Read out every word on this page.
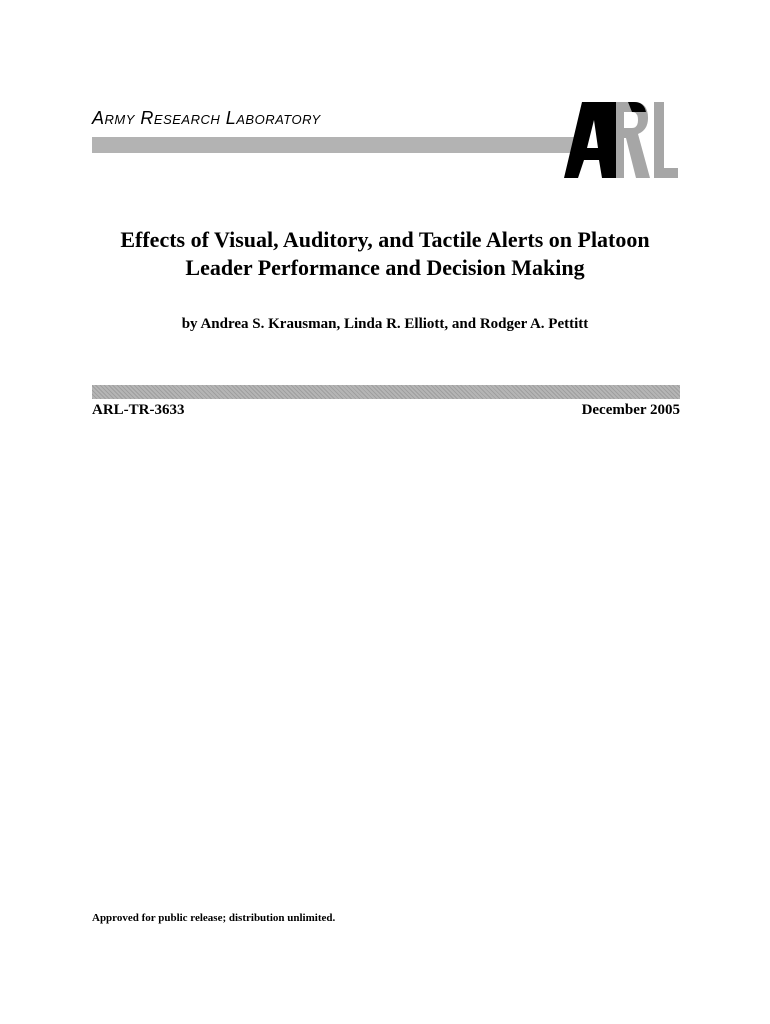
Army Research Laboratory
Effects of Visual, Auditory, and Tactile Alerts on Platoon
Leader Performance and Decision Making
by Andrea S. Krausman, Linda R. Elliott, and Rodger A. Pettitt
ARL-TR-3633	December 2005
Approved for public release; distribution unlimited.
